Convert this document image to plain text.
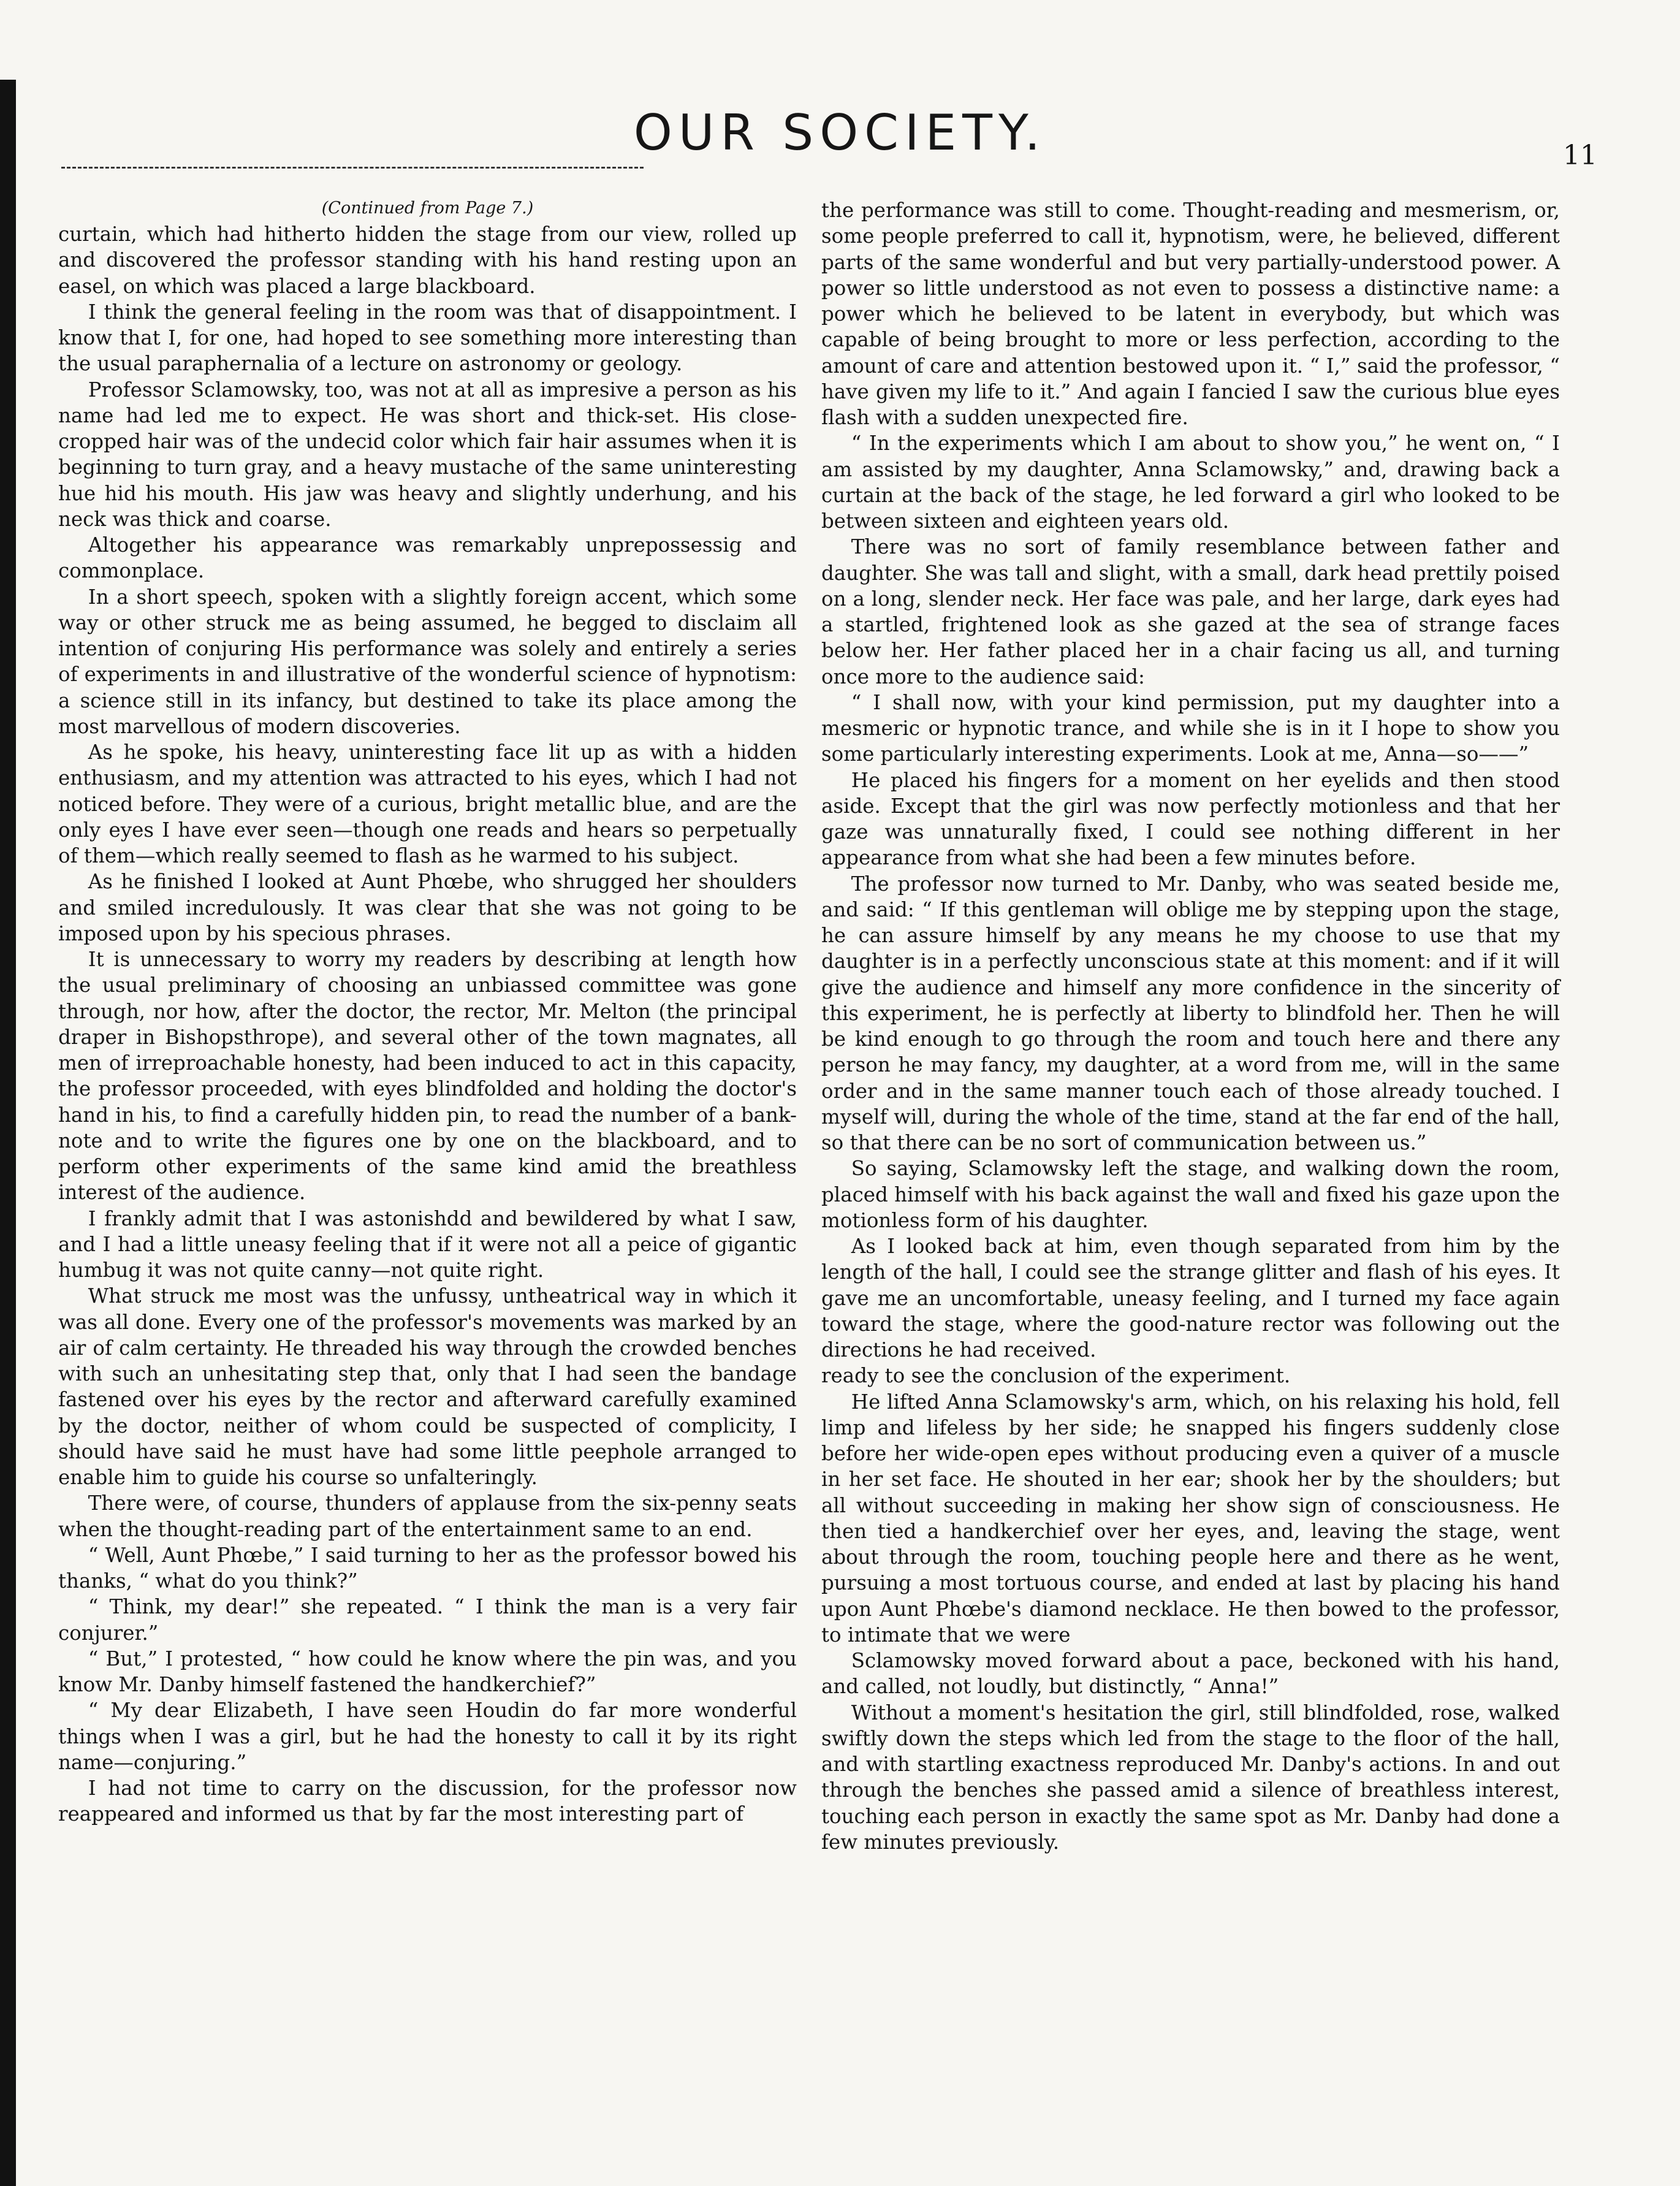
OUR SOCIETY.	11

(Continued from Page 7.)

curtain, which had hitherto hidden the stage from our view, rolled up and discovered the professor standing with his hand resting upon an easel, on which was placed a large blackboard.

I think the general feeling in the room was that of disappointment. I know that I, for one, had hoped to see something more interesting than the usual paraphernalia of a lecture on astronomy or geology.

Professor Sclamowsky, too, was not at all as impresive a person as his name had led me to expect. He was short and thick-set. His close-cropped hair was of the undecid color which fair hair assumes when it is beginning to turn gray, and a heavy mustache of the same uninteresting hue hid his mouth. His jaw was heavy and slightly underhung, and his neck was thick and coarse.

Altogether his appearance was remarkably unprepossessig and commonplace.

In a short speech, spoken with a slightly foreign accent, which some way or other struck me as being assumed, he begged to disclaim all intention of conjuring His performance was solely and entirely a series of experiments in and illustrative of the wonderful science of hypnotism: a science still in its infancy, but destined to take its place among the most marvellous of modern discoveries.

As he spoke, his heavy, uninteresting face lit up as with a hidden enthusiasm, and my attention was attracted to his eyes, which I had not noticed before. They were of a curious, bright metallic blue, and are the only eyes I have ever seen—though one reads and hears so perpetually of them—which really seemed to flash as he warmed to his subject.

As he finished I looked at Aunt Phœbe, who shrugged her shoulders and smiled incredulously. It was clear that she was not going to be imposed upon by his specious phrases.

It is unnecessary to worry my readers by describing at length how the usual preliminary of choosing an unbiassed committee was gone through, nor how, after the doctor, the rector, Mr. Melton (the principal draper in Bishopsthrope), and several other of the town magnates, all men of irreproachable honesty, had been induced to act in this capacity, the professor proceeded, with eyes blindfolded and holding the doctor's hand in his, to find a carefully hidden pin, to read the number of a bank-note and to write the figures one by one on the blackboard, and to perform other experiments of the same kind amid the breathless interest of the audience.

I frankly admit that I was astonishdd and bewildered by what I saw, and I had a little uneasy feeling that if it were not all a peice of gigantic humbug it was not quite canny—not quite right.

What struck me most was the unfussy, untheatrical way in which it was all done. Every one of the professor's movements was marked by an air of calm certainty. He threaded his way through the crowded benches with such an unhesitating step that, only that I had seen the bandage fastened over his eyes by the rector and afterward carefully examined by the doctor, neither of whom could be suspected of complicity, I should have said he must have had some little peephole arranged to enable him to guide his course so unfalteringly.

There were, of course, thunders of applause from the six-penny seats when the thought-reading part of the entertainment same to an end.

“ Well, Aunt Phœbe,” I said turning to her as the professor bowed his thanks, “ what do you think?”

“ Think, my dear!” she repeated. “ I think the man is a very fair conjurer.”

“ But,” I protested, “ how could he know where the pin was, and you know Mr. Danby himself fastened the handkerchief?”

“ My dear Elizabeth, I have seen Houdin do far more wonderful things when I was a girl, but he had the honesty to call it by its right name—conjuring.”

I had not time to carry on the discussion, for the professor now reappeared and informed us that by far the most interesting part of

the performance was still to come. Thought-reading and mesmerism, or, some people preferred to call it, hypnotism, were, he believed, different parts of the same wonderful and but very partially-understood power. A power so little understood as not even to possess a distinctive name: a power which he believed to be latent in everybody, but which was capable of being brought to more or less perfection, according to the amount of care and attention bestowed upon it. “ I,” said the professor, “ have given my life to it.” And again I fancied I saw the curious blue eyes flash with a sudden unexpected fire.

“ In the experiments which I am about to show you,” he went on, “ I am assisted by my daughter, Anna Sclamowsky,” and, drawing back a curtain at the back of the stage, he led forward a girl who looked to be between sixteen and eighteen years old.

There was no sort of family resemblance between father and daughter. She was tall and slight, with a small, dark head prettily poised on a long, slender neck. Her face was pale, and her large, dark eyes had a startled, frightened look as she gazed at the sea of strange faces below her. Her father placed her in a chair facing us all, and turning once more to the audience said:

“ I shall now, with your kind permission, put my daughter into a mesmeric or hypnotic trance, and while she is in it I hope to show you some particularly interesting experiments. Look at me, Anna—so——”

He placed his fingers for a moment on her eyelids and then stood aside. Except that the girl was now perfectly motionless and that her gaze was unnaturally fixed, I could see nothing different in her appearance from what she had been a few minutes before.

The professor now turned to Mr. Danby, who was seated beside me, and said: “ If this gentleman will oblige me by stepping upon the stage, he can assure himself by any means he my choose to use that my daughter is in a perfectly unconscious state at this moment: and if it will give the audience and himself any more confidence in the sincerity of this experiment, he is perfectly at liberty to blindfold her. Then he will be kind enough to go through the room and touch here and there any person he may fancy, my daughter, at a word from me, will in the same order and in the same manner touch each of those already touched. I myself will, during the whole of the time, stand at the far end of the hall, so that there can be no sort of communication between us.”

So saying, Sclamowsky left the stage, and walking down the room, placed himself with his back against the wall and fixed his gaze upon the motionless form of his daughter.

As I looked back at him, even though separated from him by the length of the hall, I could see the strange glitter and flash of his eyes. It gave me an uncomfortable, uneasy feeling, and I turned my face again toward the stage, where the good-nature rector was following out the directions he had received.

ready to see the conclusion of the experiment.

He lifted Anna Sclamowsky's arm, which, on his relaxing his hold, fell limp and lifeless by her side; he snapped his fingers suddenly close before her wide-open epes without producing even a quiver of a muscle in her set face. He shouted in her ear; shook her by the shoulders; but all without succeeding in making her show sign of consciousness. He then tied a handkerchief over her eyes, and, leaving the stage, went about through the room, touching people here and there as he went, pursuing a most tortuous course, and ended at last by placing his hand upon Aunt Phœbe's diamond necklace. He then bowed to the professor, to intimate that we were

Sclamowsky moved forward about a pace, beckoned with his hand, and called, not loudly, but distinctly, “ Anna!”

Without a moment's hesitation the girl, still blindfolded, rose, walked swiftly down the steps which led from the stage to the floor of the hall, and with startling exactness reproduced Mr. Danby's actions. In and out through the benches she passed amid a silence of breathless interest, touching each person in exactly the same spot as Mr. Danby had done a few minutes previously.
